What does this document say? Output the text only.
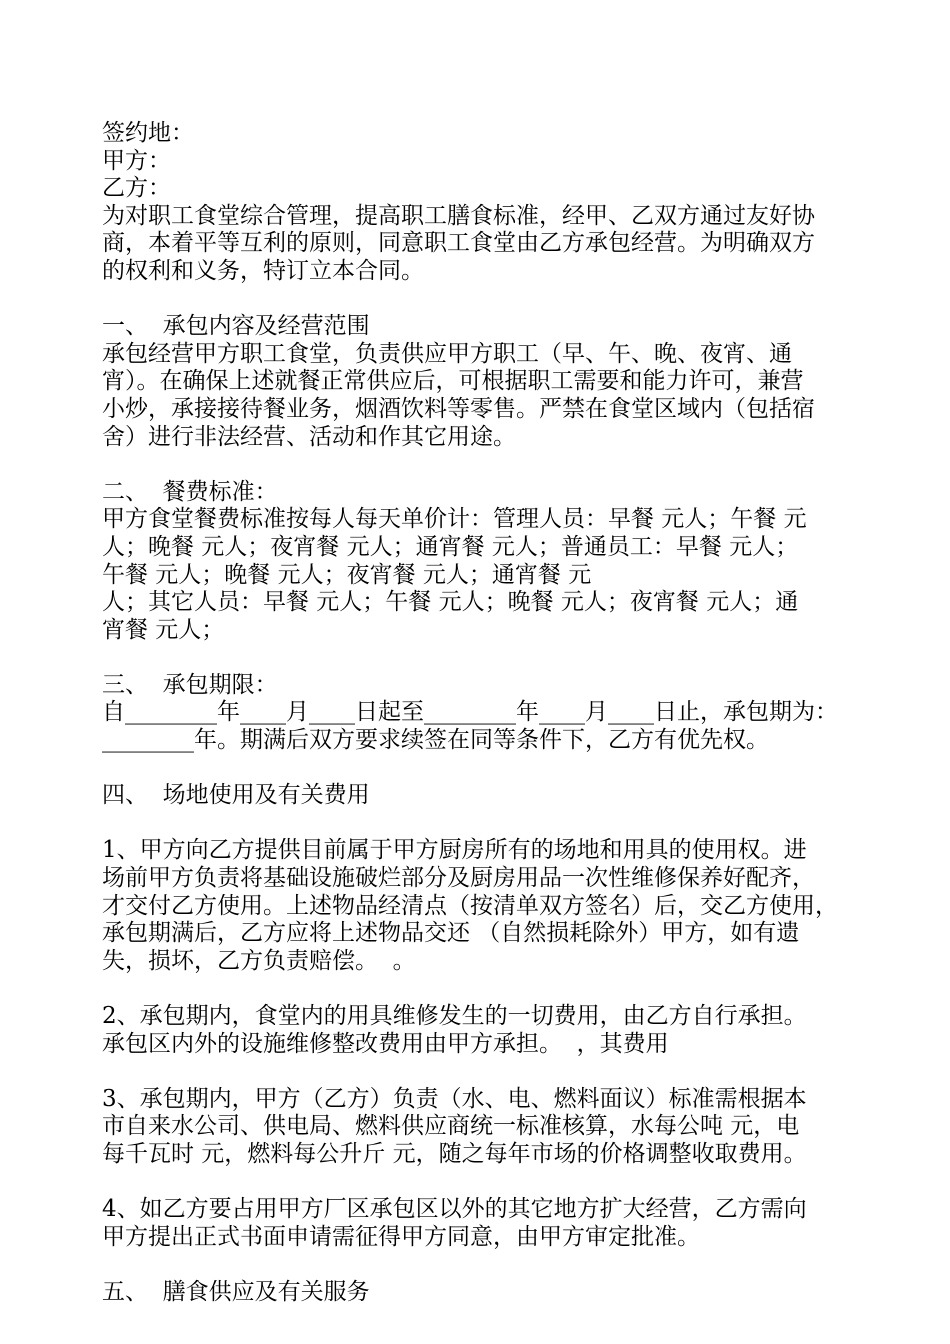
签约地：
甲方：
乙方：
为对职工食堂综合管理，提高职工膳食标准，经甲、乙双方通过友好协
商，本着平等互利的原则，同意职工食堂由乙方承包经营。为明确双方
的权利和义务，特订立本合同。
一、  承包内容及经营范围
承包经营甲方职工食堂，负责供应甲方职工（早、午、晚、夜宵、通
宵）。在确保上述就餐正常供应后，可根据职工需要和能力许可，兼营
小炒，承接接待餐业务，烟酒饮料等零售。严禁在食堂区域内（包括宿
舍）进行非法经营、活动和作其它用途。
二、  餐费标准：
甲方食堂餐费标准按每人每天单价计：管理人员：早餐 元人；午餐 元
人；晚餐 元人；夜宵餐 元人；通宵餐 元人；普通员工：早餐 元人；
午餐 元人；晚餐 元人；夜宵餐 元人；通宵餐 元
人；其它人员：早餐 元人；午餐 元人；晚餐 元人；夜宵餐 元人；通
宵餐 元人；
三、  承包期限：
自________年____月____日起至________年____月____日止，承包期为：
________年。期满后双方要求续签在同等条件下，乙方有优先权。
四、  场地使用及有关费用
1、甲方向乙方提供目前属于甲方厨房所有的场地和用具的使用权。进
场前甲方负责将基础设施破烂部分及厨房用品一次性维修保养好配齐，
才交付乙方使用。上述物品经清点（按清单双方签名）后，交乙方使用，
承包期满后，乙方应将上述物品交还 （自然损耗除外）甲方，如有遗
失，损坏，乙方负责赔偿。  。
2、承包期内，食堂内的用具维修发生的一切费用，由乙方自行承担。
承包区内外的设施维修整改费用由甲方承担。  ，其费用
3、承包期内，甲方（乙方）负责（水、电、燃料面议）标准需根据本
市自来水公司、供电局、燃料供应商统一标准核算，水每公吨 元，电
每千瓦时 元，燃料每公升斤 元，随之每年市场的价格调整收取费用。
4、如乙方要占用甲方厂区承包区以外的其它地方扩大经营，乙方需向
甲方提出正式书面申请需征得甲方同意，由甲方审定批准。
五、  膳食供应及有关服务
